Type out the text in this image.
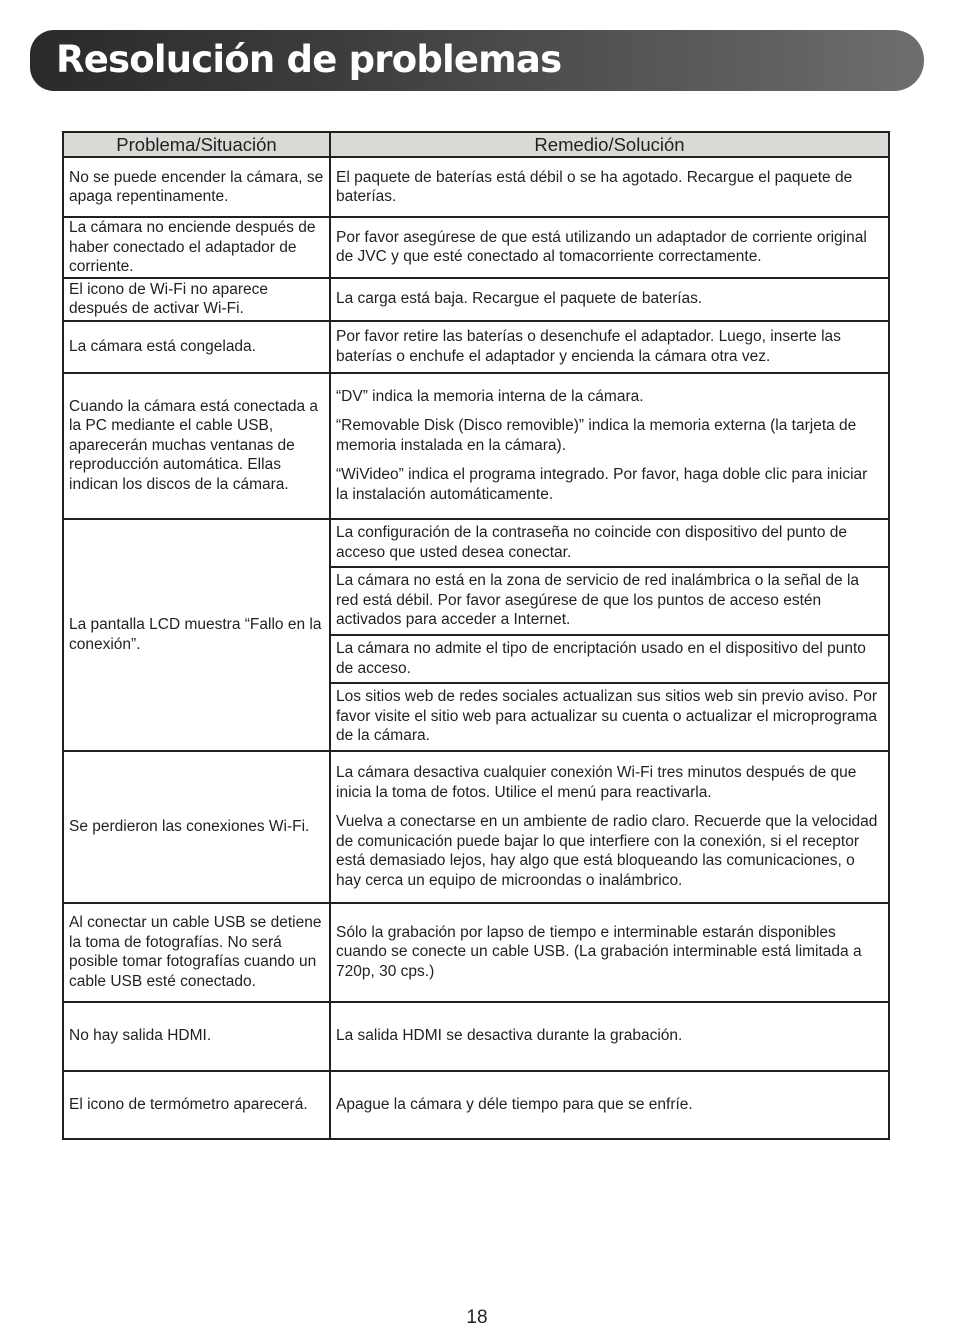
Resolución de problemas
Problema/Situación	Remedio/Solución
No se puede encender la cámara, se apaga repentinamente.	El paquete de baterías está débil o se ha agotado. Recargue el paquete de baterías.
La cámara no enciende después de haber conectado el adaptador de corriente.	Por favor asegúrese de que está utilizando un adaptador de corriente original de JVC y que esté conectado al tomacorriente correctamente.
El icono de Wi-Fi no aparece después de activar Wi-Fi.	La carga está baja. Recargue el paquete de baterías.
La cámara está congelada.	Por favor retire las baterías o desenchufe el adaptador. Luego, inserte las baterías o enchufe el adaptador y encienda la cámara otra vez.
Cuando la cámara está conectada a la PC mediante el cable USB, aparecerán muchas ventanas de reproducción automática. Ellas indican los discos de la cámara.	“DV” indica la memoria interna de la cámara.

“Removable Disk (Disco removible)” indica la memoria externa (la tarjeta de memoria instalada en la cámara).

“WiVideo” indica el programa integrado. Por favor, haga doble clic para iniciar la instalación automáticamente.

La pantalla LCD muestra “Fallo en la conexión”.	La configuración de la contraseña no coincide con dispositivo del punto de acceso que usted desea conectar.
	La cámara no está en la zona de servicio de red inalámbrica o la señal de la red está débil. Por favor asegúrese de que los puntos de acceso estén activados para acceder a Internet.
	La cámara no admite el tipo de encriptación usado en el dispositivo del punto de acceso.
	Los sitios web de redes sociales actualizan sus sitios web sin previo aviso. Por favor visite el sitio web para actualizar su cuenta o actualizar el microprograma de la cámara.
Se perdieron las conexiones Wi-Fi.	La cámara desactiva cualquier conexión Wi-Fi tres minutos después de que inicia la toma de fotos. Utilice el menú para reactivarla.

Vuelva a conectarse en un ambiente de radio claro. Recuerde que la velocidad de comunicación puede bajar lo que interfiere con la conexión, si el receptor está demasiado lejos, hay algo que está bloqueando las comunicaciones, o hay cerca un equipo de microondas o inalámbrico.

Al conectar un cable USB se detiene la toma de fotografías. No será posible tomar fotografías cuando un cable USB esté conectado.	Sólo la grabación por lapso de tiempo e interminable estarán disponibles cuando se conecte un cable USB. (La grabación interminable está limitada a 720p, 30 cps.)
No hay salida HDMI.	La salida HDMI se desactiva durante la grabación.
El icono de termómetro aparecerá.	Apague la cámara y déle tiempo para que se enfríe.
18
